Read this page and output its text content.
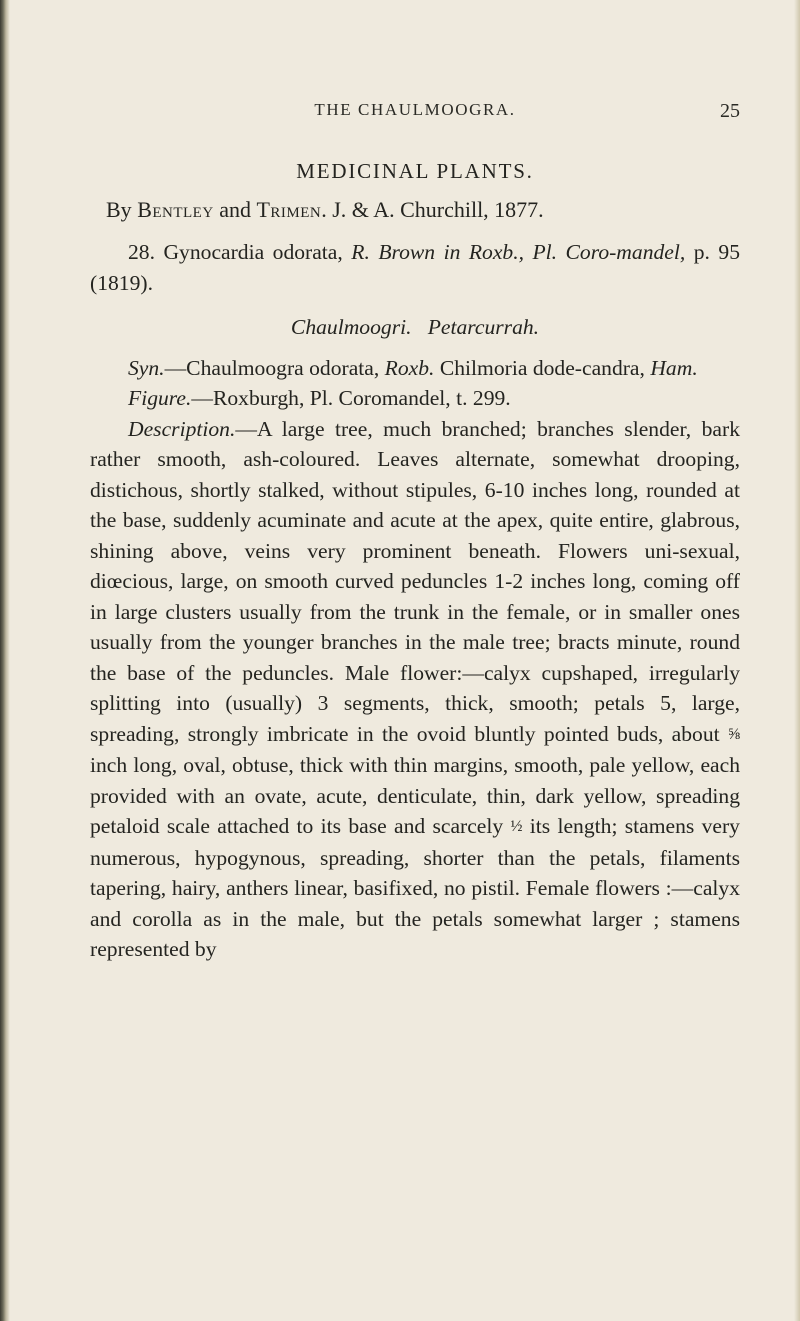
THE CHAULMOOGRA.	25
MEDICINAL PLANTS.

By Bentley and Trimen. J. & A. Churchill, 1877.

28. Gynocardia odorata, R. Brown in Roxb., Pl. Coro-mandel, p. 95 (1819).

Chaulmoogri. Petarcurrah.

Syn.—Chaulmoogra odorata, Roxb. Chilmoria dode-candra, Ham.

Figure.—Roxburgh, Pl. Coromandel, t. 299.

Description.—A large tree, much branched; branches slender, bark rather smooth, ash-coloured. Leaves alternate, somewhat drooping, distichous, shortly stalked, without stipules, 6-10 inches long, rounded at the base, suddenly acuminate and acute at the apex, quite entire, glabrous, shining above, veins very prominent beneath. Flowers uni-sexual, diœcious, large, on smooth curved peduncles 1-2 inches long, coming off in large clusters usually from the trunk in the female, or in smaller ones usually from the younger branches in the male tree; bracts minute, round the base of the peduncles. Male flower:—calyx cupshaped, irregularly splitting into (usually) 3 segments, thick, smooth; petals 5, large, spreading, strongly imbricate in the ovoid bluntly pointed buds, about ⅝ inch long, oval, obtuse, thick with thin margins, smooth, pale yellow, each provided with an ovate, acute, denticulate, thin, dark yellow, spreading petaloid scale attached to its base and scarcely ½ its length; stamens very numerous, hypogynous, spreading, shorter than the petals, filaments tapering, hairy, anthers linear, basifixed, no pistil. Female flowers :—calyx and corolla as in the male, but the petals somewhat larger ; stamens represented by
